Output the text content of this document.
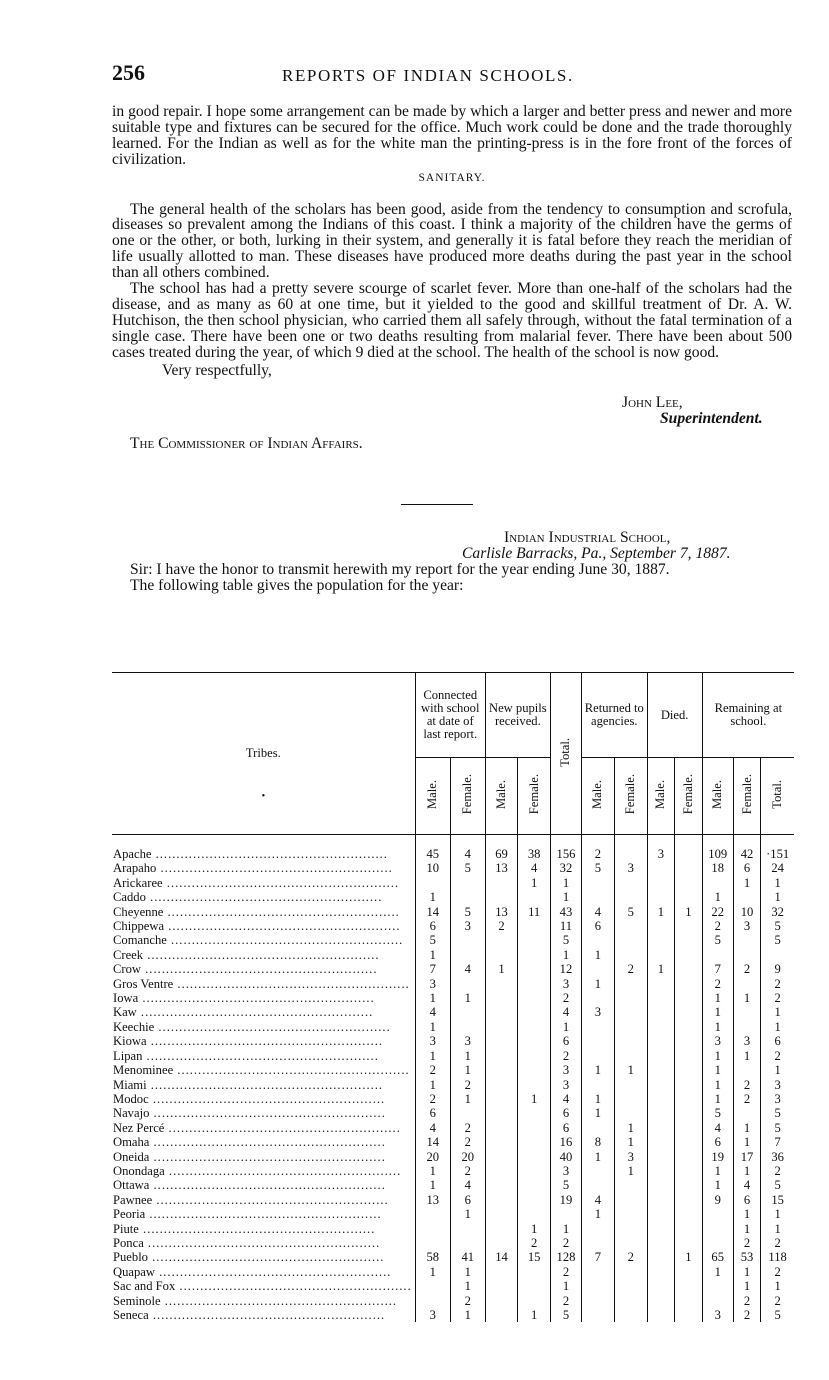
256	REPORTS OF INDIAN SCHOOLS.

in good repair. I hope some arrangement can be made by which a larger and better press and newer and more suitable type and fixtures can be secured for the office. Much work could be done and the trade thoroughly learned. For the Indian as well as for the white man the printing-press is in the fore front of the forces of civilization.

SANITARY.

The general health of the scholars has been good, aside from the tendency to consumption and scrofula, diseases so prevalent among the Indians of this coast. I think a majority of the children have the germs of one or the other, or both, lurking in their system, and generally it is fatal before they reach the meridian of life usually allotted to man. These diseases have produced more deaths during the past year in the school than all others combined.

The school has had a pretty severe scourge of scarlet fever. More than one-half of the scholars had the disease, and as many as 60 at one time, but it yielded to the good and skillful treatment of Dr. A. W. Hutchison, the then school physician, who carried them all safely through, without the fatal termination of a single case. There have been one or two deaths resulting from malarial fever. There have been about 500 cases treated during the year, of which 9 died at the school. The health of the school is now good.

Very respectfully,

John Lee,

Superintendent.

The Commissioner of Indian Affairs.

Indian Industrial School,

Carlisle Barracks, Pa., September 7, 1887.

Sir: I have the honor to transmit herewith my report for the year ending June 30, 1887.

The following table gives the population for the year:

Tribes.
•	Connected with school at date of last report.		New pupils received.		Total.	Returned to agencies.		Died.		Remaining at school.		
	Male.	Female.	Male.	Female.		Male.	Female.	Male.	Female.	Male.	Female.	Total.

Apache .....	45	4	69	38	156	2		3		109	42	·151
Arapaho .....	10	5	13	4	32	5	3			18	6	24
Arickaree .....				1	1						1	1
Caddo .....	1				1					1		1
Cheyenne .....	14	5	13	11	43	4	5	1	1	22	10	32
Chippewa .....	6	3	2		11	6				2	3	5
Comanche .....	5				5					5		5
Creek .....	1				1	1						
Crow .....	7	4	1		12		2	1		7	2	9
Gros Ventre .....	3				3	1				2		2
Iowa .....	1	1			2					1	1	2
Kaw .....	4				4	3				1		1
Keechie .....	1				1					1		1
Kiowa .....	3	3			6					3	3	6
Lipan .....	1	1			2					1	1	2
Menominee .....	2	1			3	1	1			1		1
Miami .....	1	2			3					1	2	3
Modoc .....	2	1		1	4	1				1	2	3
Navajo .....	6				6	1				5		5
Nez Percé .....	4	2			6		1			4	1	5
Omaha .....	14	2			16	8	1			6	1	7
Oneida .....	20	20			40	1	3			19	17	36
Onondaga .....	1	2			3		1			1	1	2
Ottawa .....	1	4			5					1	4	5
Pawnee .....	13	6			19	4				9	6	15
Peoria .....		1				1					1	1
Piute .....				1	1						1	1
Ponca .....				2	2						2	2
Pueblo .....	58	41	14	15	128	7	2		1	65	53	118
Quapaw .....	1	1			2					1	1	2
Sac and Fox .....		1			1						1	1
Seminole .....		2			2						2	2
Seneca .....	3	1		1	5					3	2	5
